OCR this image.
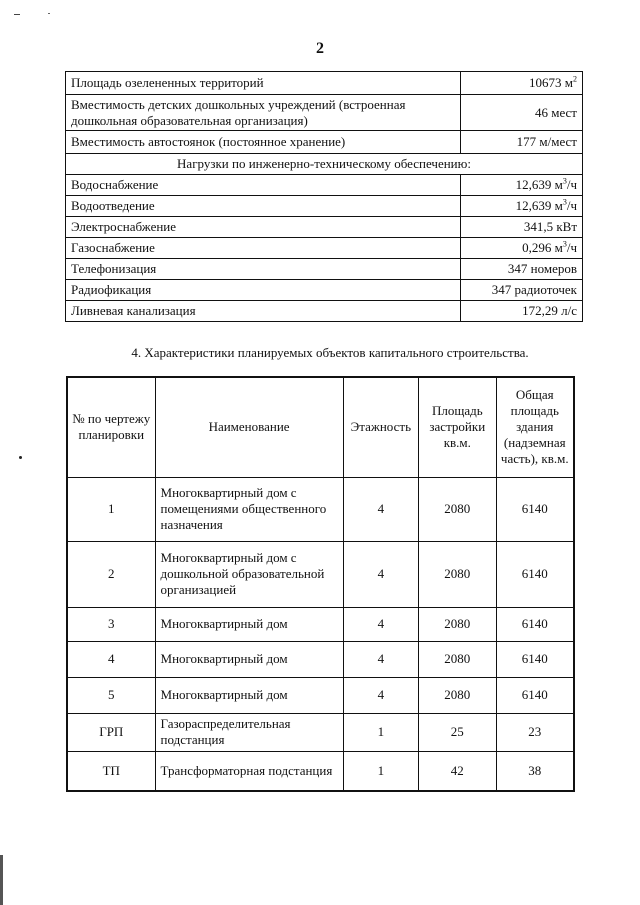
2
Площадь озелененных территорий	10673 $м^2$
Вместимость детских дошкольных учреждений (встроенная дошкольная образовательная организация)	46 мест
Вместимость автостоянок (постоянное хранение)	177 м/мест
Нагрузки по инженерно-техническому обеспечению:	
Водоснабжение	12,639 $м^3/ч$
Водоотведение	12,639 $м^3/ч$
Электроснабжение	341,5 кВт
Газоснабжение	0,296 $м^3/ч$
Телефонизация	347 номеров
Радиофикация	347 радиоточек
Ливневая канализация	172,29 л/с
4. Характеристики планируемых объектов капитального строительства.
№ по чертежу планировки	Наименование	Этажность	Площадь застройки кв.м.	Общая площадь здания (надземная часть), кв.м.
1	Многоквартирный дом с помещениями общественного назначения	4	2080	6140
2	Многоквартирный дом с дошкольной образовательной организацией	4	2080	6140
3	Многоквартирный дом	4	2080	6140
4	Многоквартирный дом	4	2080	6140
5	Многоквартирный дом	4	2080	6140
ГРП	Газораспределительная подстанция	1	25	23
ТП	Трансформаторная подстанция	1	42	38
